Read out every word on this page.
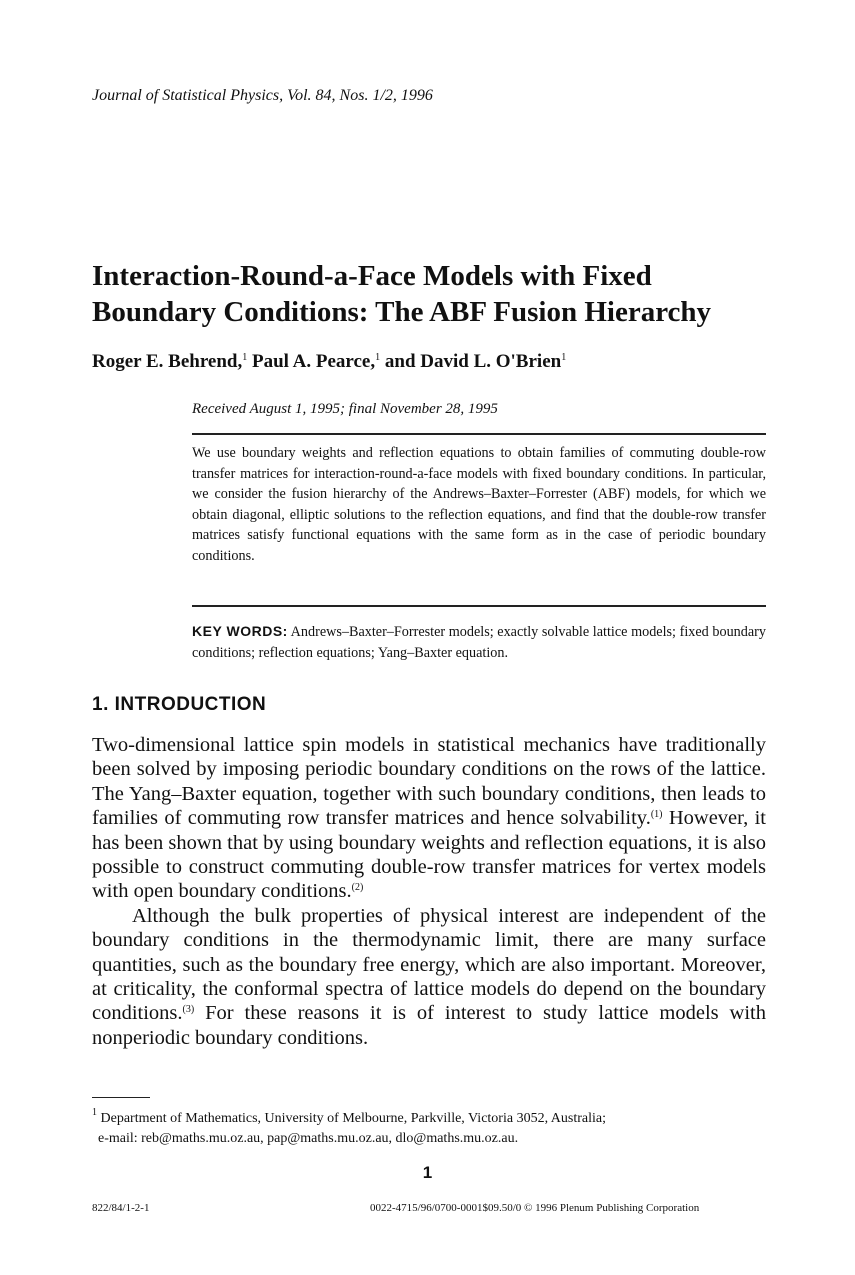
Journal of Statistical Physics, Vol. 84, Nos. 1/2, 1996
Interaction-Round-a-Face Models with Fixed
Boundary Conditions: The ABF Fusion Hierarchy
Roger E. Behrend,$^1$ Paul A. Pearce,$^1$ and David L. O'Brien$^1$
Received August 1, 1995; final November 28, 1995
We use boundary weights and reflection equations to obtain families of commuting double-row transfer matrices for interaction-round-a-face models with fixed boundary conditions. In particular, we consider the fusion hierarchy of the Andrews–Baxter–Forrester (ABF) models, for which we obtain diagonal, elliptic solutions to the reflection equations, and find that the double-row transfer matrices satisfy functional equations with the same form as in the case of periodic boundary conditions.
KEY WORDS: Andrews–Baxter–Forrester models; exactly solvable lattice models; fixed boundary conditions; reflection equations; Yang–Baxter equation.
1. INTRODUCTION

Two-dimensional lattice spin models in statistical mechanics have traditionally been solved by imposing periodic boundary conditions on the rows of the lattice. The Yang–Baxter equation, together with such boundary conditions, then leads to families of commuting row transfer matrices and hence solvability.$^{(1)}$ However, it has been shown that by using boundary weights and reflection equations, it is also possible to construct commuting double-row transfer matrices for vertex models with open boundary conditions.$^{(2)}$

Although the bulk properties of physical interest are independent of the boundary conditions in the thermodynamic limit, there are many surface quantities, such as the boundary free energy, which are also important. Moreover, at criticality, the conformal spectra of lattice models do depend on the boundary conditions.$^{(3)}$ For these reasons it is of interest to study lattice models with nonperiodic boundary conditions.

$^1$ Department of Mathematics, University of Melbourne, Parkville, Victoria 3052, Australia;
e-mail: reb@maths.mu.oz.au, pap@maths.mu.oz.au, dlo@maths.mu.oz.au.
1
822/84/1-2-1	0022-4715/96/0700-0001$09.50/0 © 1996 Plenum Publishing Corporation
